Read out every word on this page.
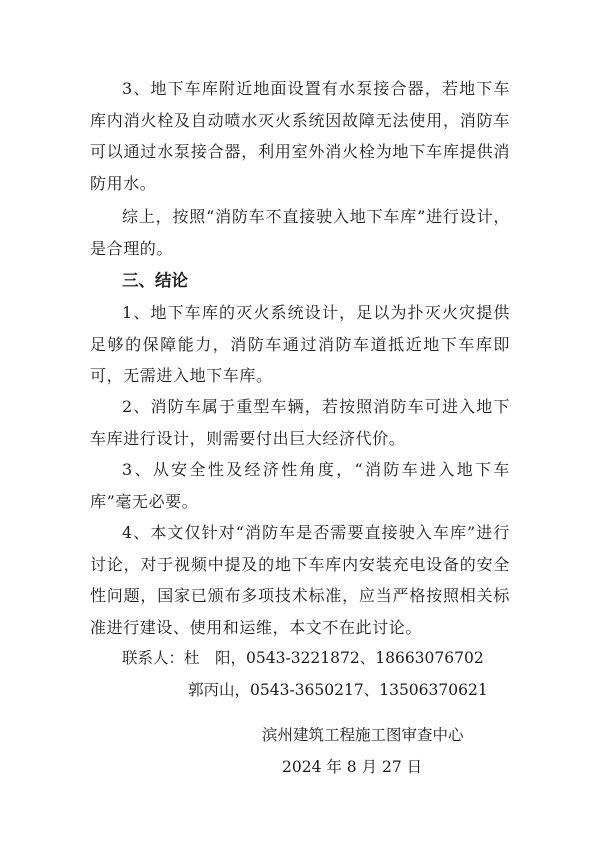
3、地下车库附近地面设置有水泵接合器，若地下车库内消火栓及自动喷水灭火系统因故障无法使用，消防车可以通过水泵接合器，利用室外消火栓为地下车库提供消防用水。

综上，按照“消防车不直接驶入地下车库”进行设计，是合理的。

三、结论

1、地下车库的灭火系统设计，足以为扑灭火灾提供足够的保障能力，消防车通过消防车道抵近地下车库即可，无需进入地下车库。

2、消防车属于重型车辆，若按照消防车可进入地下车库进行设计，则需要付出巨大经济代价。

3、从安全性及经济性角度，“消防车进入地下车库”毫无必要。

4、本文仅针对“消防车是否需要直接驶入车库”进行讨论，对于视频中提及的地下车库内安装充电设备的安全性问题，国家已颁布多项技术标准，应当严格按照相关标准进行建设、使用和运维，本文不在此讨论。

联系人：杜　阳，0543-3221872、18663076702

郭丙山，0543-3650217、13506370621

滨州建筑工程施工图审查中心

2024 年 8 月 27 日
